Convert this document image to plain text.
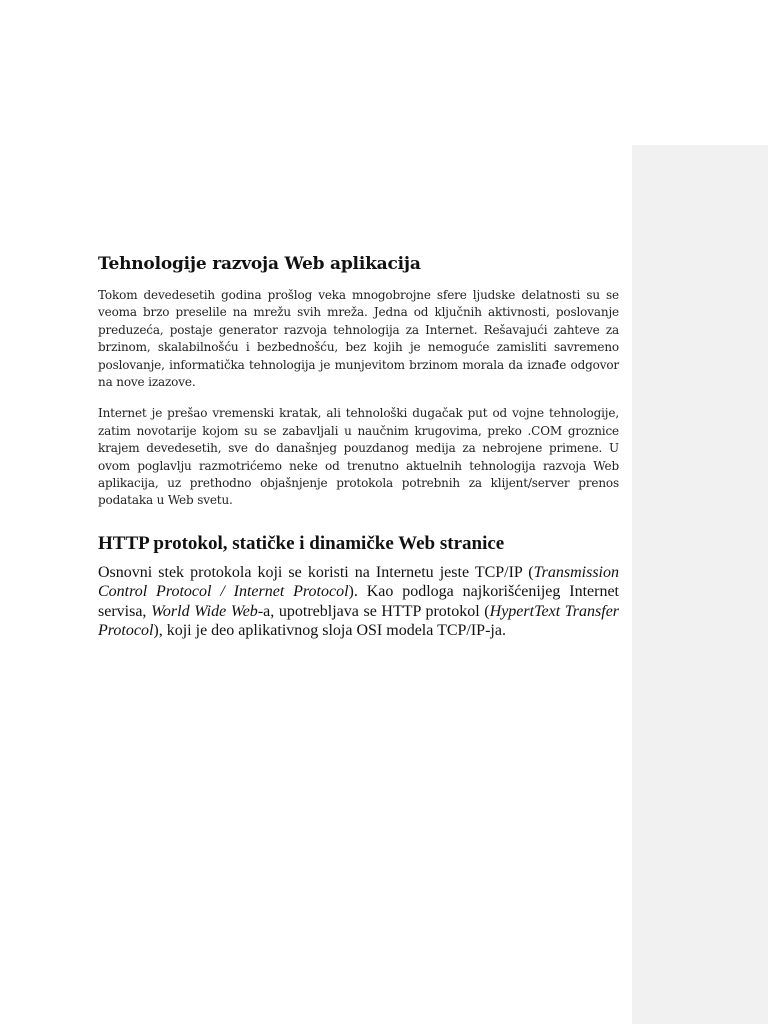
Tehnologije razvoja Web aplikacija

Tokom devedesetih godina prošlog veka mnogobrojne sfere ljudske delatnosti su se veoma brzo preselile na mrežu svih mreža. Jedna od ključnih aktivnosti, poslovanje preduzeća, postaje generator razvoja tehnologija za Internet. Rešavajući zahteve za brzinom, skalabilnošću i bezbednošću, bez kojih je nemoguće zamisliti savremeno poslovanje, informatička tehnologija je munjevitom brzinom morala da iznađe odgovor na nove izazove.

Internet je prešao vremenski kratak, ali tehnološki dugačak put od vojne tehnologije, zatim novotarije kojom su se zabavljali u naučnim krugovima, preko .COM groznice krajem devedesetih, sve do današnjeg pouzdanog medija za nebrojene primene. U ovom poglavlju razmotrićemo neke od trenutno aktuelnih tehnologija razvoja Web aplikacija, uz prethodno objašnjenje protokola potrebnih za klijent/server prenos podataka u Web svetu.

HTTP protokol, statičke i dinamičke Web stranice

Osnovni stek protokola koji se koristi na Internetu jeste TCP/IP (Transmission Control Protocol / Internet Protocol). Kao podloga najkorišćenijeg Internet servisa, World Wide Web-a, upotrebljava se HTTP protokol (HypertText Transfer Protocol), koji je deo aplikativnog sloja OSI modela TCP/IP-ja.
